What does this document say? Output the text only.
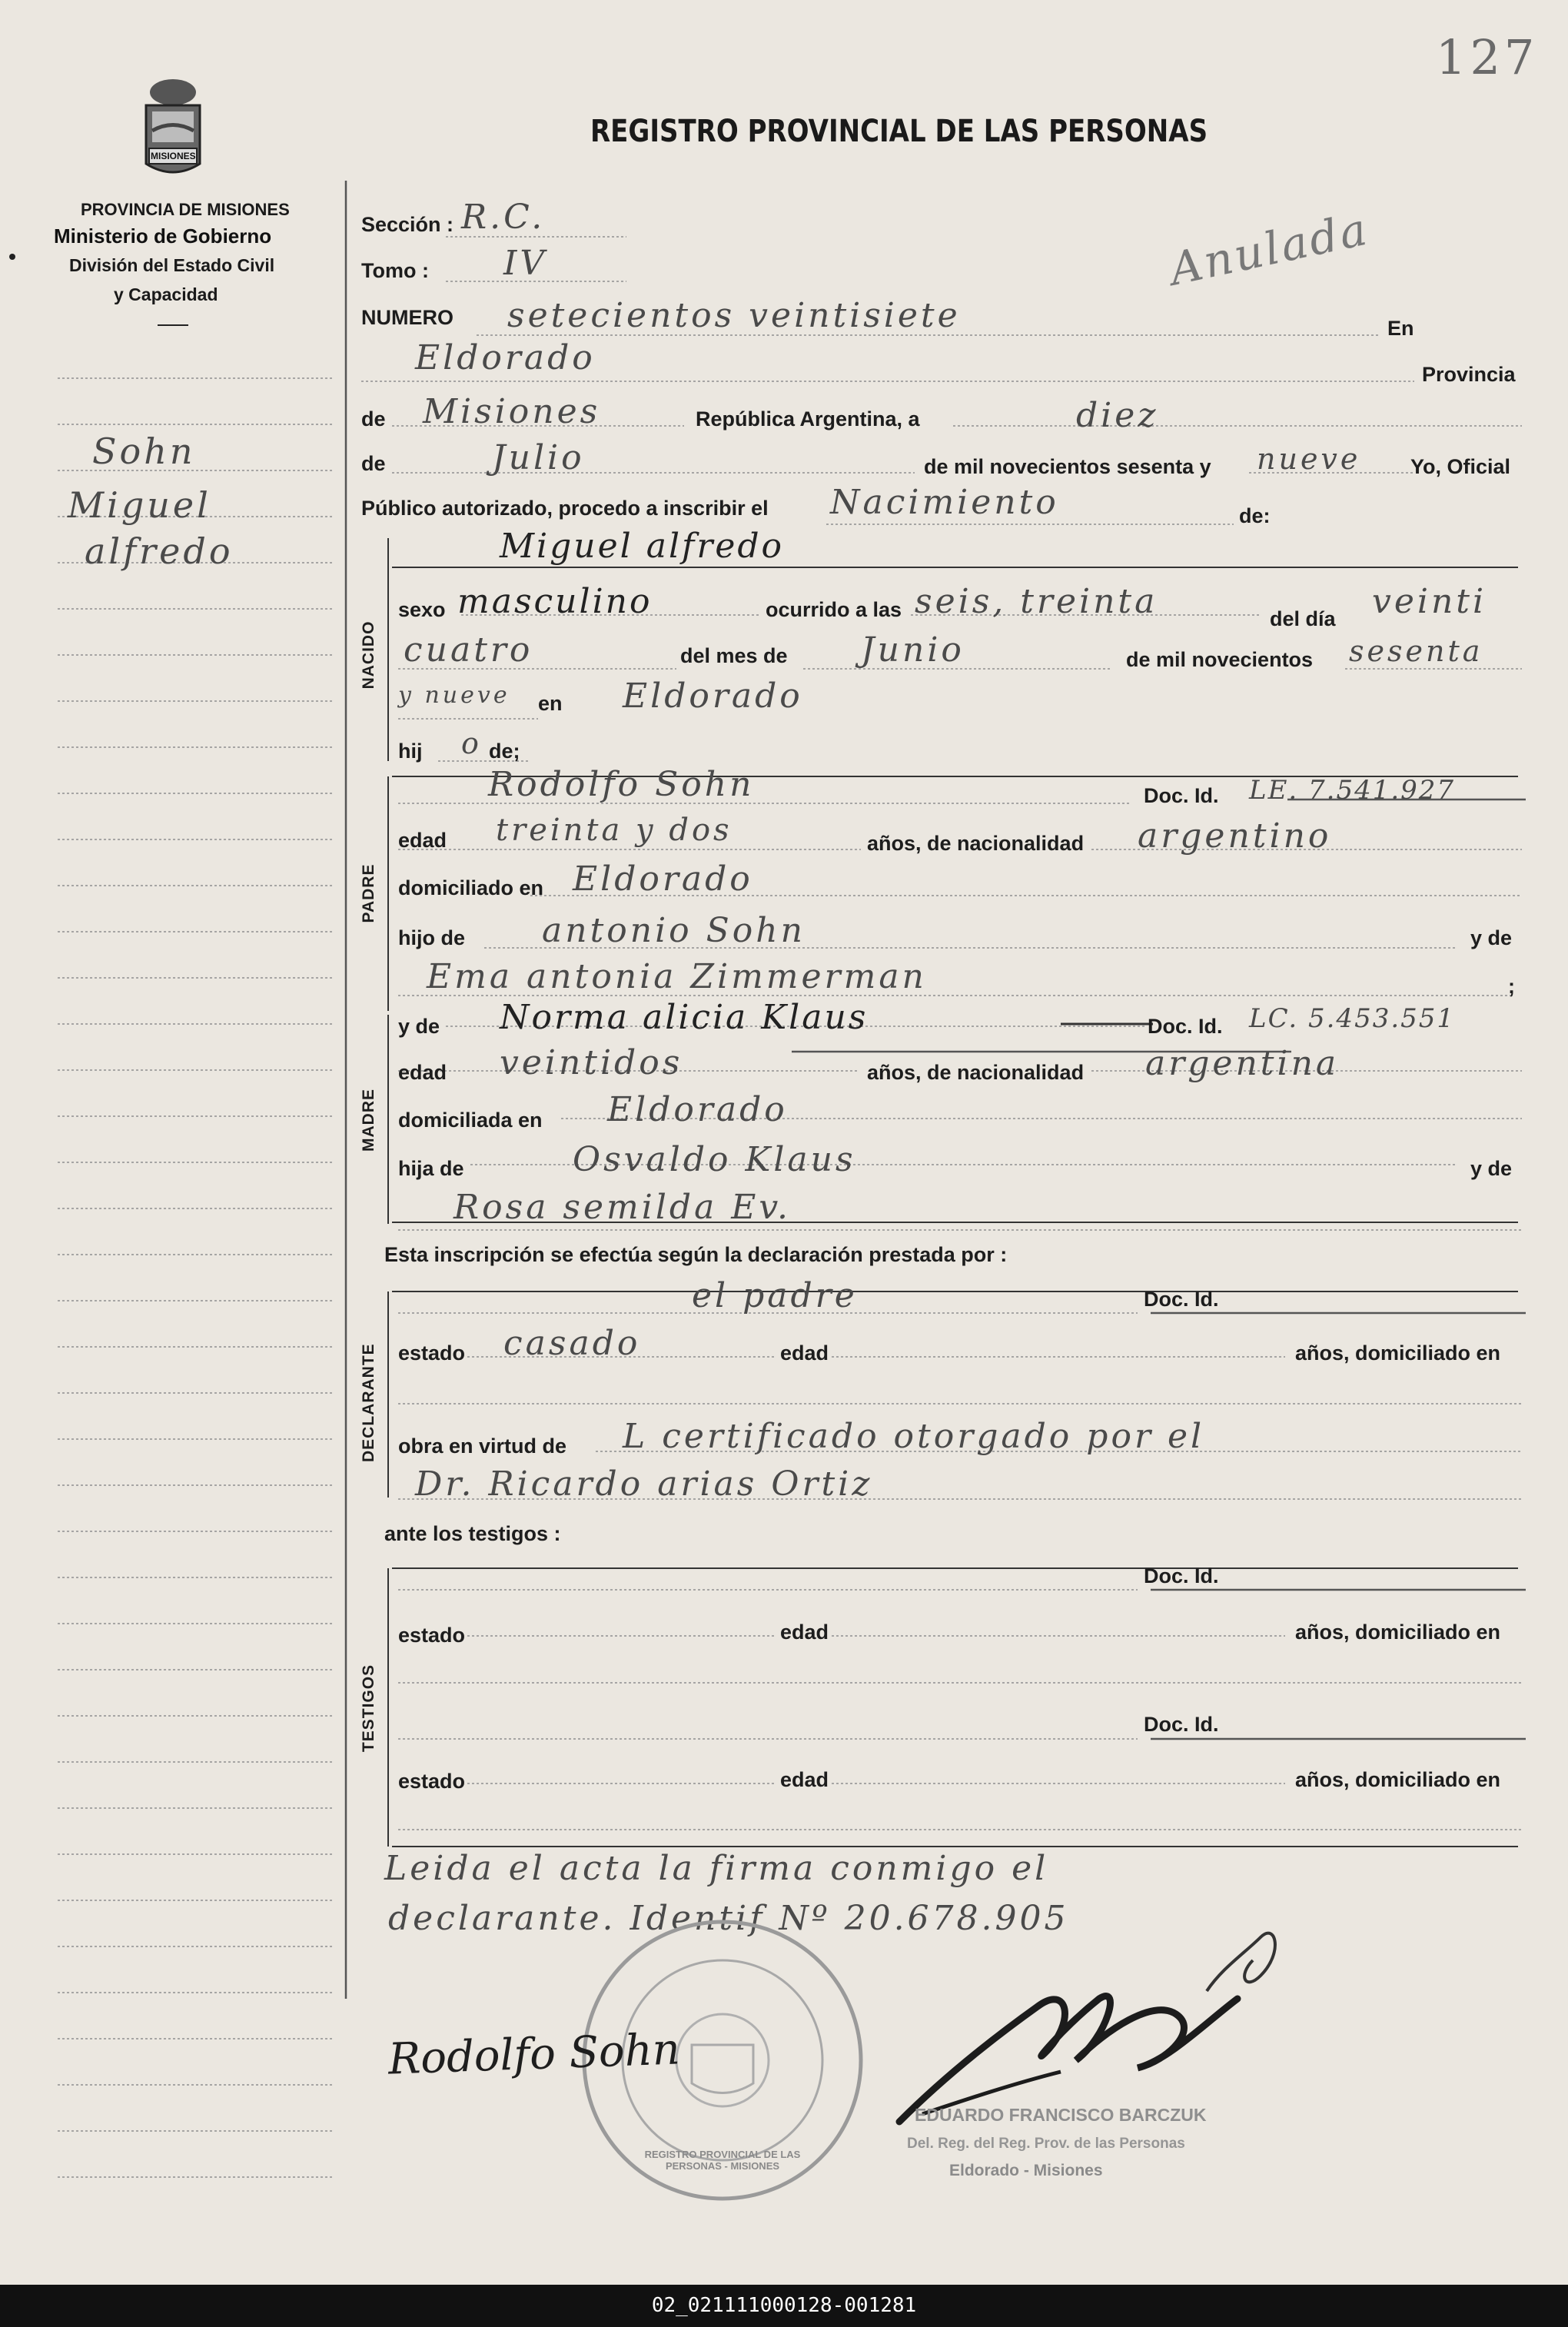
127
MISIONES
REGISTRO PROVINCIAL DE LAS PERSONAS
PROVINCIA DE MISIONES
Ministerio de Gobierno
División del Estado Civil
y Capacidad
Sohn
Miguel
alfredo
Anulada
Sección : R.C.
Tomo : IV
NUMERO setecientos veintisiete	En
Eldorado	Provincia
de Misiones	República Argentina, a	diez
de	Julio	de mil novecientos sesenta y nueve Yo, Oficial
Público autorizado, procedo a inscribir el Nacimiento	de:
NACIDO
Miguel alfredo
sexo masculino	ocurrido a las seis, treinta	del día veinti
cuatro	del mes de Junio	de mil novecientos sesenta
y nueve en Eldorado
hij o de;
PADRE
Rodolfo Sohn	Doc. Id. LE. 7.541.927
edad treinta y dos	años, de nacionalidad argentino
domiciliado en Eldorado
hijo de antonio Sohn	y de
Ema antonia Zimmerman	;
MADRE
y de Norma alicia Klaus	Doc. Id. LC. 5.453.551
edad veintidos	años, de nacionalidad argentina
domiciliada en Eldorado
hija de	Osvaldo Klaus	y de
Rosa semilda Ev.
Esta inscripción se efectúa según la declaración prestada por :
DECLARANTE
el padre	Doc. Id.
estado casado	edad	años, domiciliado en
obra en virtud de L certificado otorgado por el
Dr. Ricardo arias Ortiz
ante los testigos :
TESTIGOS
Doc. Id.
estado	edad	años, domiciliado en
Doc. Id.
estado	edad	años, domiciliado en
Leida el acta la firma conmigo el
declarante. Identif Nº 20.678.905
REGISTRO PROVINCIAL DE LAS PERSONAS - MISIONES
Rodolfo Sohn
EDUARDO FRANCISCO BARCZUK
Del. Reg. del Reg. Prov. de las Personas
Eldorado - Misiones
02_021111000128-001281
